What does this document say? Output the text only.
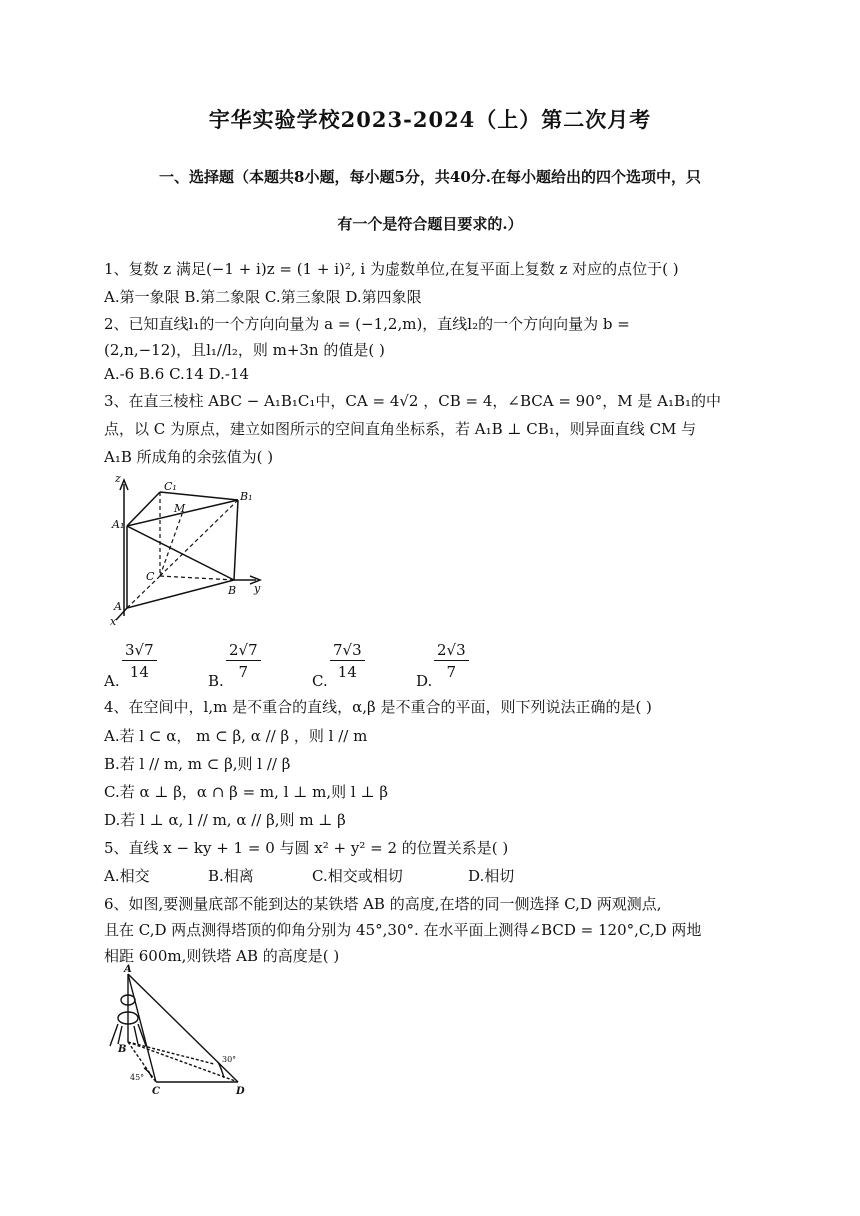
宇华实验学校2023-2024（上）第二次月考
一、选择题（本题共8小题，每小题5分，共40分.在每小题给出的四个选项中，只
有一个是符合题目要求的.）
1、复数 z 满足(−1 + i)z = (1 + i)², i 为虚数单位,在复平面上复数 z 对应的点位于( )
A.第一象限 B.第二象限 C.第三象限 D.第四象限
2、已知直线l₁的一个方向向量为 a = (−1,2,m)，直线l₂的一个方向向量为 b =
(2,n,−12)，且l₁//l₂，则 m+3n 的值是( )
A.-6 B.6 C.14 D.-14
3、在直三棱柱 ABC − A₁B₁C₁中，CA = 4√2 ，CB = 4，∠BCA = 90°，M 是 A₁B₁的中
点，以 C 为原点，建立如图所示的空间直角坐标系，若 A₁B ⊥ CB₁，则异面直线 CM 与
A₁B 所成角的余弦值为( )
z
C₁
B₁
M
A₁
C
B y
A
x
A. $\frac{3√7}{14}$	B. $\frac{2√7}{7}$	C. $\frac{7√3}{14}$	D. $\frac{2√3}{7}$
4、在空间中，l,m 是不重合的直线，α,β 是不重合的平面，则下列说法正确的是( )
A.若 l ⊂ α， m ⊂ β, α // β ，则 l // m
B.若 l // m, m ⊂ β,则 l // β
C.若 α ⊥ β，α ∩ β = m, l ⊥ m,则 l ⊥ β
D.若 l ⊥ α, l // m, α // β,则 m ⊥ β
5、直线 x − ky + 1 = 0 与圆 x² + y² = 2 的位置关系是( )
A.相交	B.相离	C.相交或相切	D.相切
6、如图,要测量底部不能到达的某铁塔 AB 的高度,在塔的同一侧选择 C,D 两观测点,
且在 C,D 两点测得塔顶的仰角分别为 45°,30°. 在水平面上测得∠BCD = 120°,C,D 两地
相距 600m,则铁塔 AB 的高度是( )
A
B
C	D
45°
30°
